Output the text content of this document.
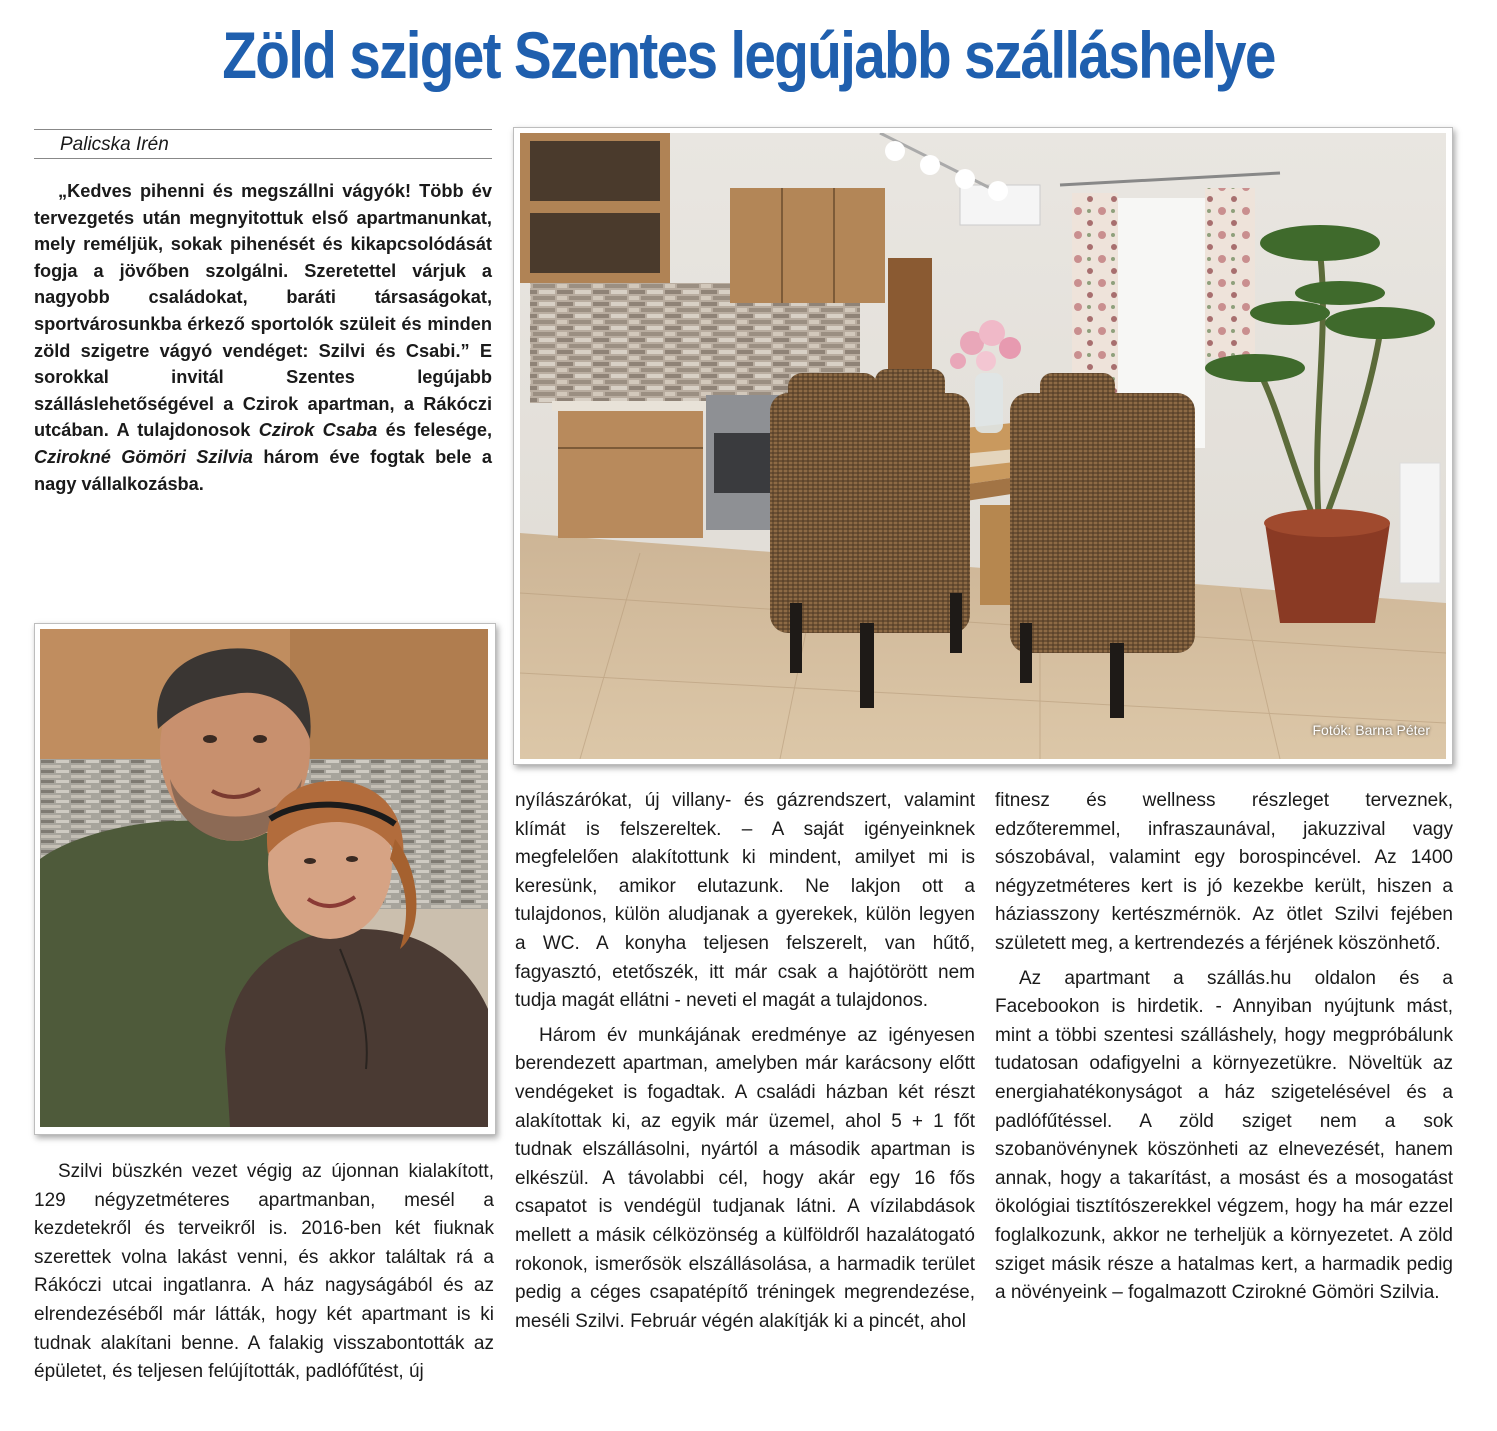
Zöld sziget Szentes legújabb szálláshelye
Palicska Irén

„Kedves pihenni és megszállni vágyók! Több év tervezgetés után megnyitottuk első apartmanunkat, mely reméljük, sokak pihenését és kikapcsolódását fogja a jövőben szolgálni. Szeretettel várjuk a nagyobb családokat, baráti társaságokat, sportvárosunkba érkező sportolók szüleit és minden zöld szigetre vágyó vendéget: Szilvi és Csabi.” E sorokkal invitál Szentes legújabb szálláslehetőségével a Czirok apartman, a Rákóczi utcában. A tulajdonosok Czirok Csaba és felesége, Czirokné Gömöri Szilvia három éve fogtak bele a nagy vállalkozásba.

Fotók: Barna Péter

Szilvi büszkén vezet végig az újonnan kialakított, 129 négyzetméteres apartmanban, mesél a kezdetekről és terveikről is. 2016-ben két fiuknak szerettek volna lakást venni, és akkor találtak rá a Rákóczi utcai ingatlanra. A ház nagyságából és az elrendezéséből már látták, hogy két apartmant is ki tudnak alakítani benne. A falakig visszabontották az épületet, és teljesen felújították, padlófűtést, új

nyílászárókat, új villany- és gázrendszert, valamint klímát is felszereltek. – A saját igényeinknek megfelelően alakítottunk ki mindent, amilyet mi is keresünk, amikor elutazunk. Ne lakjon ott a tulajdonos, külön aludjanak a gyerekek, külön legyen a WC. A konyha teljesen felszerelt, van hűtő, fagyasztó, etetőszék, itt már csak a hajótörött nem tudja magát ellátni - neveti el magát a tulajdonos.

Három év munkájának eredménye az igényesen berendezett apartman, amelyben már karácsony előtt vendégeket is fogadtak. A családi házban két részt alakítottak ki, az egyik már üzemel, ahol 5 + 1 főt tudnak elszállásolni, nyártól a második apartman is elkészül. A távolabbi cél, hogy akár egy 16 fős csapatot is vendégül tudjanak látni. A vízilabdások mellett a másik célközönség a külföldről hazalátogató rokonok, ismerősök elszállásolása, a harmadik terület pedig a céges csapatépítő tréningek megrendezése, meséli Szilvi. Február végén alakítják ki a pincét, ahol

fitnesz és wellness részleget terveznek, edzőteremmel, infraszaunával, jakuzzival vagy sószobával, valamint egy borospincével. Az 1400 négyzetméteres kert is jó kezekbe került, hiszen a háziasszony kertészmérnök. Az ötlet Szilvi fejében született meg, a kertrendezés a férjének köszönhető.

Az apartmant a szállás.hu oldalon és a Facebookon is hirdetik. - Annyiban nyújtunk mást, mint a többi szentesi szálláshely, hogy megpróbálunk tudatosan odafigyelni a környezetükre. Növeltük az energiahatékonyságot a ház szigetelésével és a padlófűtéssel. A zöld sziget nem a sok szobanövénynek köszönheti az elnevezését, hanem annak, hogy a takarítást, a mosást és a mosogatást ökológiai tisztítószerekkel végzem, hogy ha már ezzel foglalkozunk, akkor ne terheljük a környezetet. A zöld sziget másik része a hatalmas kert, a harmadik pedig a növényeink – fogalmazott Czirokné Gömöri Szilvia.
